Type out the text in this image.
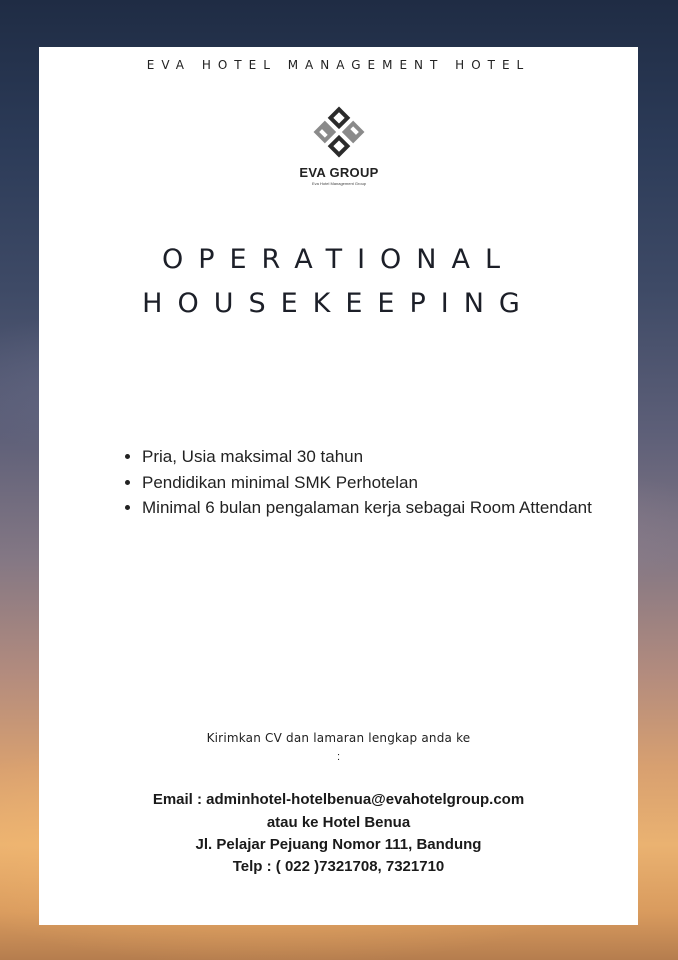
EVA HOTEL MANAGEMENT HOTEL
EVA GROUP
Eva Hotel Management Group
OPERATIONAL
HOUSEKEEPING
• Pria, Usia maksimal 30 tahun
• Pendidikan minimal SMK Perhotelan
• Minimal 6 bulan pengalaman kerja sebagai Room Attendant
Kirimkan CV dan lamaran lengkap anda ke
:
Email : adminhotel-hotelbenua@evahotelgroup.com
atau ke Hotel Benua
Jl. Pelajar Pejuang Nomor 111, Bandung
Telp : ( 022 )7321708, 7321710
